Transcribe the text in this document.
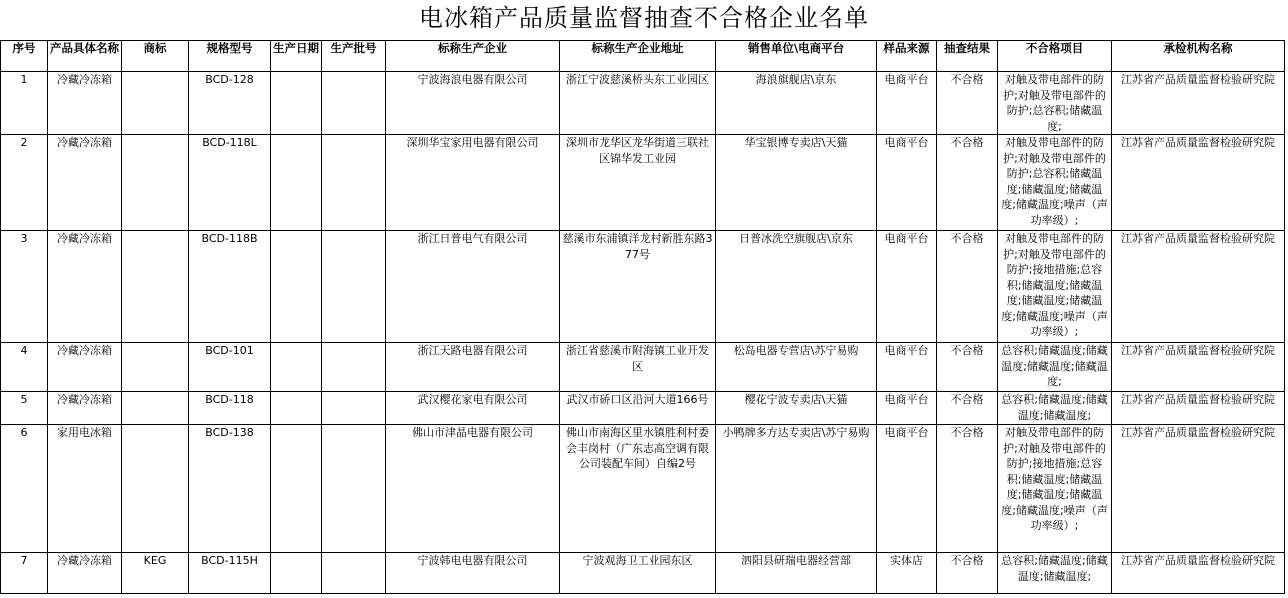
电冰箱产品质量监督抽查不合格企业名单
序号	产品具体名称	商标	规格型号	生产日期	生产批号	标称生产企业	标称生产企业地址	销售单位\电商平台	样品来源	抽查结果	不合格项目	承检机构名称
1	冷藏冷冻箱		BCD-128			宁波海浪电器有限公司	浙江宁波慈溪桥头东工业园区	海浪旗舰店\京东	电商平台	不合格	对触及带电部件的防护;对触及带电部件的防护;总容积;储藏温度;	江苏省产品质量监督检验研究院
2	冷藏冷冻箱		BCD-118L			深圳华宝家用电器有限公司	深圳市龙华区龙华街道三联社区锦华发工业园	华宝银博专卖店\天猫	电商平台	不合格	对触及带电部件的防护;对触及带电部件的防护;总容积;储藏温度;储藏温度;储藏温度;储藏温度;噪声（声功率级）;	江苏省产品质量监督检验研究院
3	冷藏冷冻箱		BCD-118B			浙江日普电气有限公司	慈溪市东浦镇洋龙村新胜东路377号	日普冰洗空旗舰店\京东	电商平台	不合格	对触及带电部件的防护;对触及带电部件的防护;接地措施;总容积;储藏温度;储藏温度;储藏温度;储藏温度;储藏温度;噪声（声功率级）;	江苏省产品质量监督检验研究院
4	冷藏冷冻箱		BCD-101			浙江天路电器有限公司	浙江省慈溪市附海镇工业开发区	松岛电器专营店\苏宁易购	电商平台	不合格	总容积;储藏温度;储藏温度;储藏温度;储藏温度;	江苏省产品质量监督检验研究院
5	冷藏冷冻箱		BCD-118			武汉樱花家电有限公司	武汉市硚口区沿河大道166号	樱花宁波专卖店\天猫	电商平台	不合格	总容积;储藏温度;储藏温度;储藏温度;	江苏省产品质量监督检验研究院
6	家用电冰箱		BCD-138			佛山市津晶电器有限公司	佛山市南海区里水镇胜利村委会丰岗村（广东志高空调有限公司装配车间）自编2号	小鸭牌多方达专卖店\苏宁易购	电商平台	不合格	对触及带电部件的防护;对触及带电部件的防护;接地措施;总容积;储藏温度;储藏温度;储藏温度;储藏温度;储藏温度;噪声（声功率级）;	江苏省产品质量监督检验研究院
7	冷藏冷冻箱	KEG	BCD-115H			宁波韩电电器有限公司	宁波观海卫工业园东区	泗阳县研瑞电器经营部	实体店	不合格	总容积;储藏温度;储藏温度;储藏温度;	江苏省产品质量监督检验研究院
